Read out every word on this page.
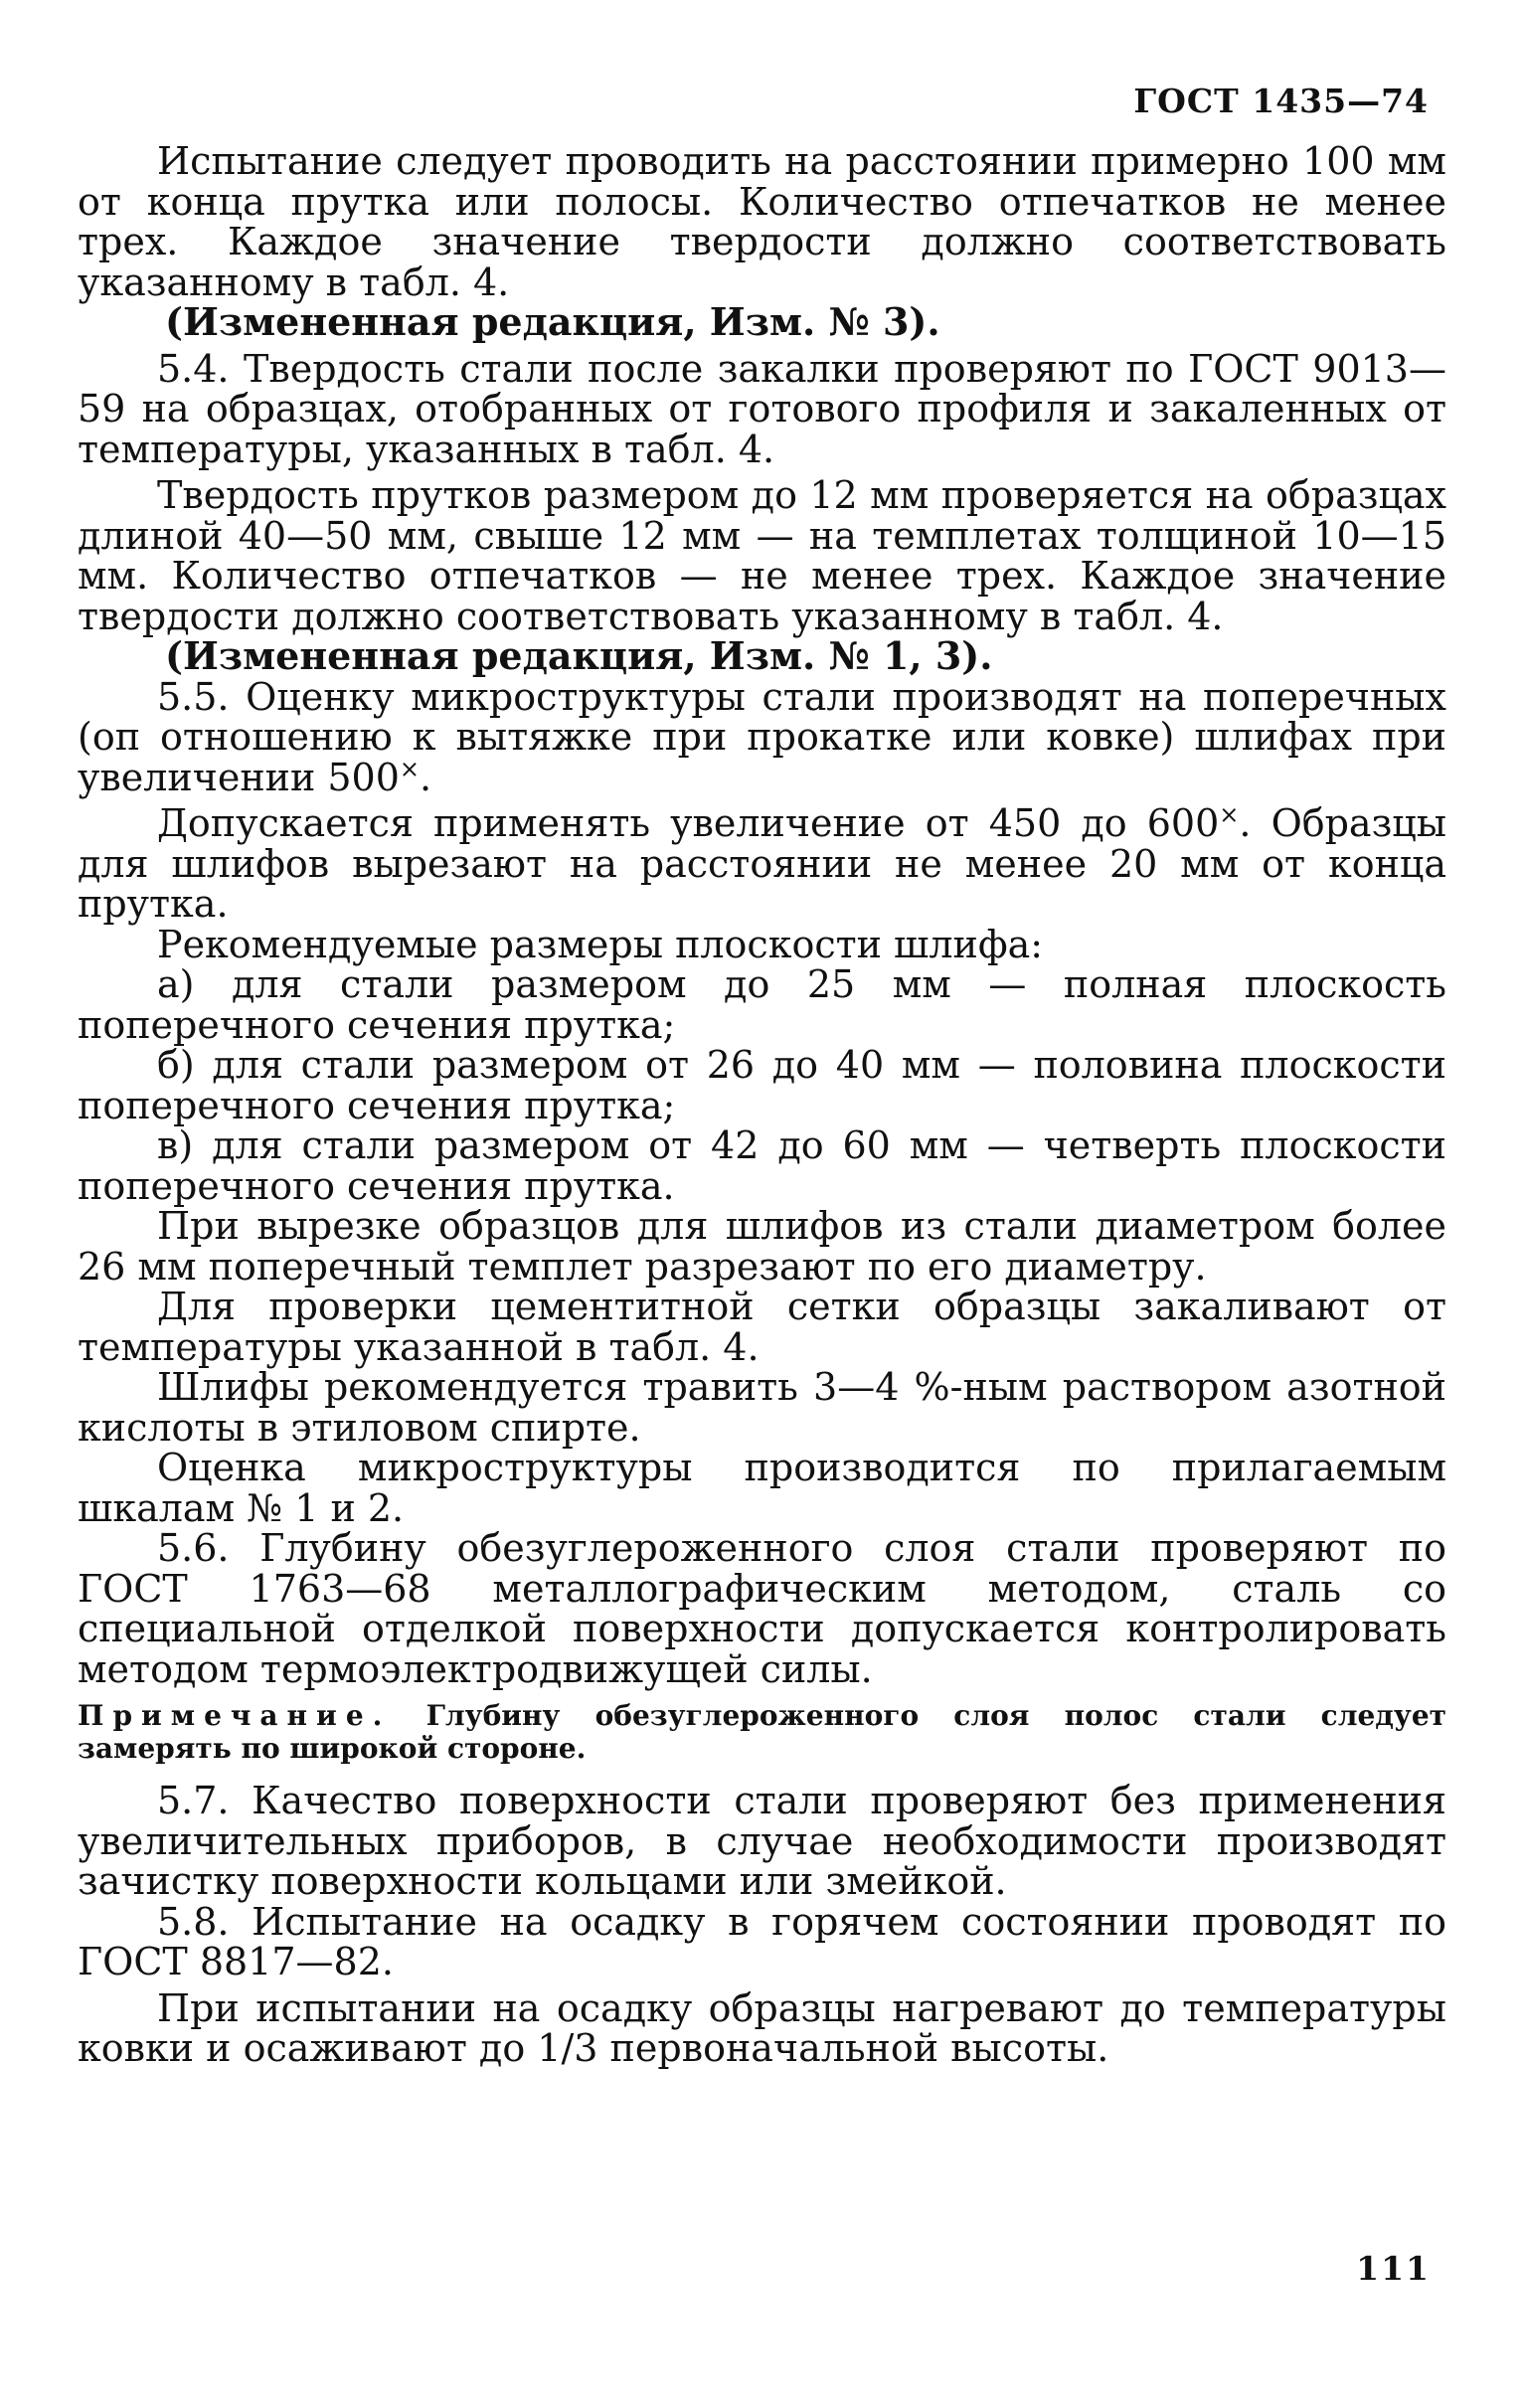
ГОСТ 1435—74

Испытание следует проводить на расстоянии примерно 100 мм от конца прутка или полосы. Количество отпечатков не менее трех. Каждое значение твердости должно соответствовать указанному в табл. 4.

(Измененная редакция, Изм. № 3).

5.4. Твердость стали после закалки проверяют по ГОСТ 9013—59 на образцах, отобранных от готового профиля и закаленных от температуры, указанных в табл. 4.

Твердость прутков размером до 12 мм проверяется на образцах длиной 40—50 мм, свыше 12 мм — на темплетах толщиной 10—15 мм. Количество отпечатков — не менее трех. Каждое значение твердости должно соответствовать указанному в табл. 4.

(Измененная редакция, Изм. № 1, 3).

5.5. Оценку микроструктуры стали производят на поперечных (оп отношению к вытяжке при прокатке или ковке) шлифах при увеличении 500×.

Допускается применять увеличение от 450 до 600×. Образцы для шлифов вырезают на расстоянии не менее 20 мм от конца прутка.

Рекомендуемые размеры плоскости шлифа:

а) для стали размером до 25 мм — полная плоскость поперечного сечения прутка;

б) для стали размером от 26 до 40 мм — половина плоскости поперечного сечения прутка;

в) для стали размером от 42 до 60 мм — четверть плоскости поперечного сечения прутка.

При вырезке образцов для шлифов из стали диаметром более 26 мм поперечный темплет разрезают по его диаметру.

Для проверки цементитной сетки образцы закаливают от температуры указанной в табл. 4.

Шлифы рекомендуется травить 3—4 %-ным раствором азотной кислоты в этиловом спирте.

Оценка микроструктуры производится по прилагаемым шкалам № 1 и 2.

5.6. Глубину обезуглероженного слоя стали проверяют по ГОСТ 1763—68 металлографическим методом, сталь со специальной отделкой поверхности допускается контролировать методом термоэлектродвижущей силы.

Примечание. Глубину обезуглероженного слоя полос стали следует замерять по широкой стороне.

5.7. Качество поверхности стали проверяют без применения увеличительных приборов, в случае необходимости производят зачистку поверхности кольцами или змейкой.

5.8. Испытание на осадку в горячем состоянии проводят по ГОСТ 8817—82.

При испытании на осадку образцы нагревают до температуры ковки и осаживают до 1/3 первоначальной высоты.

111
